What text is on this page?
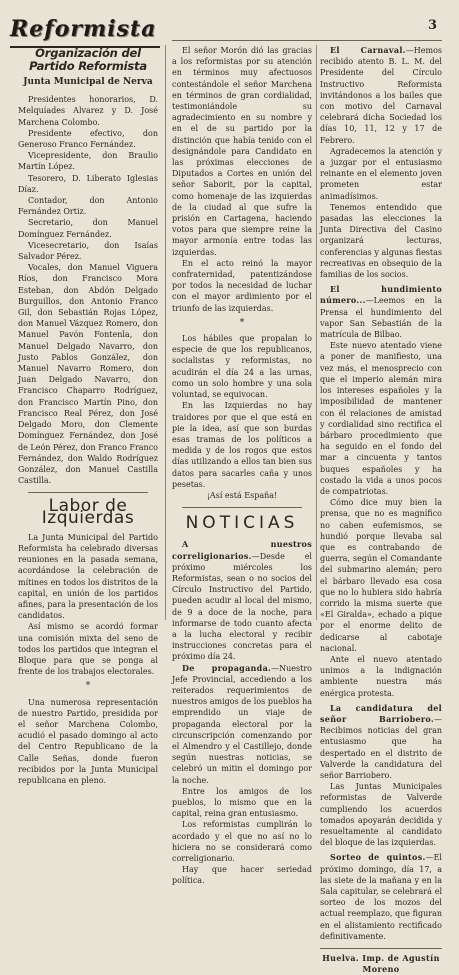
Reformista	3
Organización del Partido Reformista
Junta Municipal de Nerva
Presidentes honorarios, D. Melquíades Alvarez y D. José Marchena Colombo.
Presidente efectivo, don Generoso Franco Fernández.
Vicepresidente, don Braulio Martín López.
Tesorero, D. Liberato Iglesias Díaz.
Contador, don Antonio Fernández Ortiz.
Secretario, don Manuel Domínguez Fernández.
Vicesecretario, don Isaías Salvador Pérez.
Vocales, don Manuel Viguera Ríos, don Francisco Mora Esteban, don Abdón Delgado Burguillos, don Antonio Franco Gil, don Sebastián Rojas López, don Manuel Vázquez Romero, don Manuel Pavón Fontenla, don Manuel Delgado Navarro, don Justo Pablos González, don Manuel Navarro Romero, don Juan Delgado Navarro, don Francisco Chaparro Rodríguez, don Francisco Martín Pino, don Francisco Real Pérez, don José Delgado Moro, don Clemente Domínguez Fernández, don José de León Pérez, don Franco Franco Fernández, don Waldo Rodríguez González, don Manuel Castilla Castilla.
Labor de Izquierdas

La Junta Municipal del Partido Reformista ha celebrado diversas reuniones en la pasada semana, acordándose la celebración de mítines en todos los distritos de la capital, en unión de los partidos afines, para la presentación de los candidatos.

Así mismo se acordó formar una comisión mixta del seno de todos los partidos que integran el Bloque para que se ponga al frente de los trabajos electorales.

*

Una numerosa representación de nuestro Partido, presidida por el señor Marchena Colombo, acudió el pasado domingo al acto del Centro Republicano de la Calle Señas, donde fueron recibidos por la Junta Municipal republicana en pleno.

El señor Morón dió las gracias a los reformistas por su atención en términos muy afectuosos contestándole el señor Marchena en términos de gran cordialidad, testimoniándole su agradecimiento en su nombre y en el de su partido por la distinción que había tenido con el designándole para Candidato en las próximas elecciones de Diputados a Cortes en unión del señor Saborit, por la capital, como homenaje de las izquierdas de la ciudad al que sufre la prisión en Cartagena, haciendo votos para que siempre reine la mayor armonía entre todas las izquierdas.

En el acto reinó la mayor confraternidad, patentizándose por todos la necesidad de luchar con el mayor ardimiento por el triunfo de las izquierdas.

*

Los hábiles que propalan lo especie de que los republicanos, socialistas y reformistas, no acudirán el día 24 a las urnas, como un solo hombre y una sola voluntad, se equivocan.

En las Izquierdas no hay traidores por que el que está en pie la idea, así que son burdas esas tramas de los políticos a medida y de los rogos que estos días utilizando a ellos tan bien sus datos para sacarles caña y unos pesetas.

¡Así está España!

NOTICIAS

A nuestros correligionarios.—Desde el próximo miércoles los Reformistas, sean o no socios del Círculo Instructivo del Partido, pueden acudir al local del mismo, de 9 a doce de la noche, para informarse de todo cuanto afecta a la lucha electoral y recibir instrucciones concretas para el próximo día 24.

De propaganda.—Nuestro Jefe Provincial, accediendo a los reiterados requerimientos de nuestros amigos de los pueblos ha emprendido un viaje de propaganda electoral por la circunscripción comenzando por el Almendro y el Castillejo, donde según nuestras noticias, se celebró un mitin el domingo por la noche.

Entre los amigos de los pueblos, lo mismo que en la capital, reina gran entusiasmo.

Los reformistas cumplirán lo acordado y el que no así no lo hiciera no se considerará como correligionario.

Hay que hacer seriedad política.

El Carnaval.—Hemos recibido atento B. L. M. del Presidente del Círculo Instructivo Reformista invitándonos a los bailes que con motivo del Carnaval celebrará dicha Sociedad los días 10, 11, 12 y 17 de Febrero.

Agradecemos la atención y a juzgar por el entusiasmo reinante en el elemento joven prometen estar animadísimos.

Tenemos entendido que pasadas las elecciones la Junta Directiva del Casino organizará lecturas, conferencias y algunas fiestas recreativas en obsequio de la familias de los socios.

El hundimiento número...—Leemos en la Prensa el hundimiento del vapor San Sebastián de la matrícula de Bilbao.

Este nuevo atentado viene a poner de manifiesto, una vez más, el menosprecio con que el imperio alemán mira los intereses españoles y la imposibilidad de mantener con él relaciones de amistad y cordialidad sino rectifica el bárbaro procedimiento que ha seguido en el fondo del mar a cincuenta y tantos buques españoles y ha costado la vida a unos pocos de compatriotas.

Cómo dice muy bien la prensa, que no es magnífico no caben eufemismos, se hundió porque llevaba sal que es contrabando de guerra, según el Comandante del submarino alemán; pero el bárbaro llevado esa cosa que no lo hubiera sido habría corrido la misma suerte que «El Giralda», echado a pique por el enorme delito de dedicarse al cabotaje nacional.

Ante el nuevo atentado unimos a la indignación ambiente nuestra más enérgica protesta.

La candidatura del señor Barriobero.—Recibimos noticias del gran entusiasmo que ha despertado en el distrito de Valverde la candidatura del señor Barriobero.

Las Juntas Municipales reformistas de Valverde cumpliendo los acuerdos tomados apoyarán decidida y resueltamente al candidato del bloque de las izquierdas.

Sorteo de quintos.—El próximo domingo, día 17, a las siete de la mañana y en la Sala capitular, se celebrará el sorteo de los mozos del actual reemplazo, que figuran en el alistamiento rectificado definitivamente.

Huelva. Imp. de Agustín Moreno
